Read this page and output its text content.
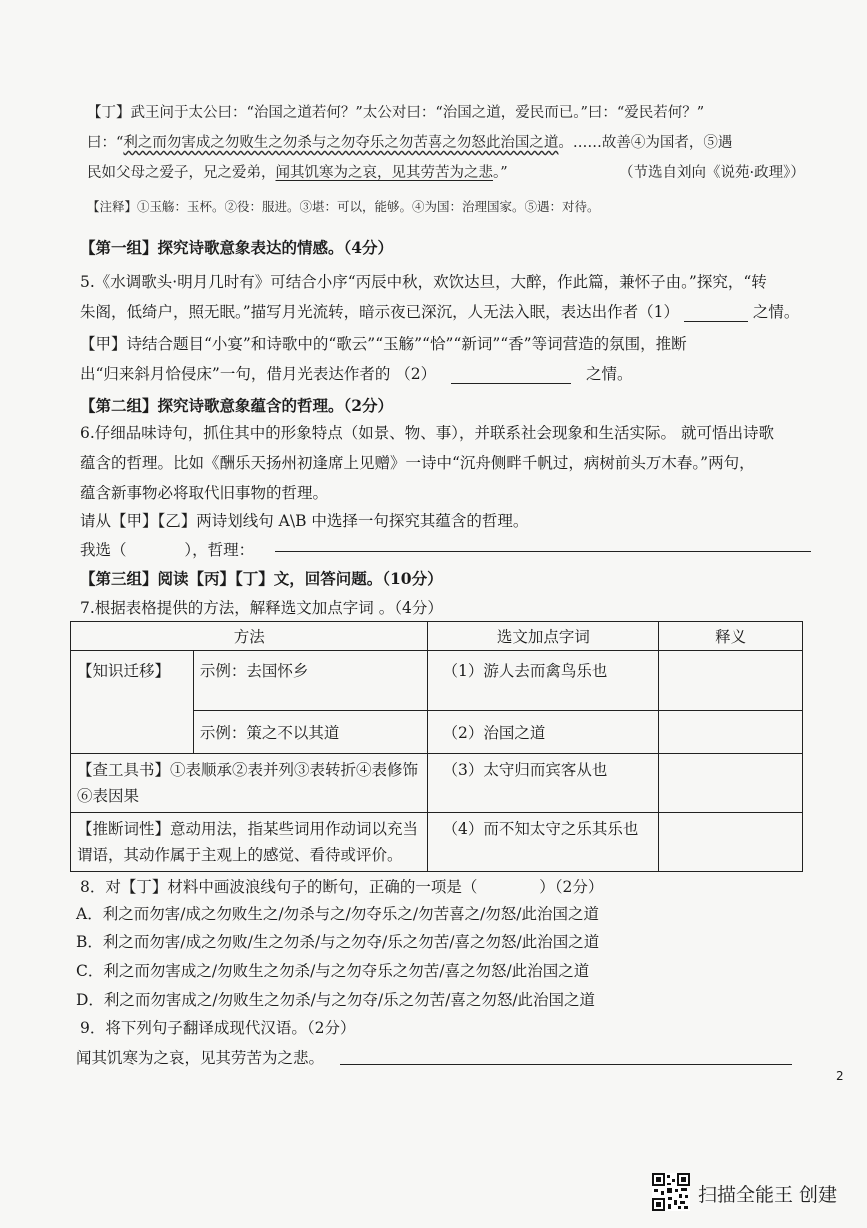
【丁】武王问于太公曰：“治国之道若何？”太公对曰：“治国之道，爱民而已。”曰：“爱民若何？”
曰：“利之而勿害成之勿败生之勿杀与之勿夺乐之勿苦喜之勿怒此治国之道。……故善④为国者，⑤遇
民如父母之爱子，兄之爱弟，闻其饥寒为之哀，见其劳苦为之悲。”	（节选自刘向《说苑·政理》）
【注释】①玉觞：玉杯。②役：服进。③堪：可以，能够。④为国：治理国家。⑤遇：对待。
【第一组】探究诗歌意象表达的情感。（4分）
5.《水调歌头·明月几时有》可结合小序“丙辰中秋，欢饮达旦，大醉，作此篇，兼怀子由。”探究，“转
朱阁，低绮户，照无眠。”描写月光流转，暗示夜已深沉，人无法入眠，表达出作者（1）	之情。
【甲】诗结合题目“小宴”和诗歌中的“歌云”“玉觞”“恰”“新词”“香”等词营造的氛围，推断
出“归来斜月恰侵床”一句，借月光表达作者的 （2）	之情。
【第二组】探究诗歌意象蕴含的哲理。（2分）
6.仔细品味诗句，抓住其中的形象特点（如景、物、事），并联系社会现象和生活实际。 就可悟出诗歌
蕴含的哲理。比如《酬乐天扬州初逢席上见赠》一诗中“沉舟侧畔千帆过，病树前头万木春。”两句，
蕴含新事物必将取代旧事物的哲理。
请从【甲】【乙】两诗划线句 A\B 中选择一句探究其蕴含的哲理。
我选（	），哲理：
【第三组】阅读【丙】【丁】文，回答问题。（10分）
7.根据表格提供的方法，解释选文加点字词 。（4分）
方法		选文加点字词	释义
【知识迁移】	示例：去国怀乡	（1）游人去而禽鸟乐也	
	示例：策之不以其道	（2）治国之道	
【查工具书】①表顺承②表并列③表转折④表修饰⑥表因果		（3）太守归而宾客从也	
【推断词性】意动用法，指某些词用作动词以充当谓语，其动作属于主观上的感觉、看待或评价。		（4）而不知太守之乐其乐也	
8．对【丁】材料中画波浪线句子的断句，正确的一项是（	）（2分）
A．利之而勿害/成之勿败生之/勿杀与之/勿夺乐之/勿苦喜之/勿怒/此治国之道
B．利之而勿害/成之勿败/生之勿杀/与之勿夺/乐之勿苦/喜之勿怒/此治国之道
C．利之而勿害成之/勿败生之勿杀/与之勿夺乐之勿苦/喜之勿怒/此治国之道
D．利之而勿害成之/勿败生之勿杀/与之勿夺/乐之勿苦/喜之勿怒/此治国之道
9．将下列句子翻译成现代汉语。（2分）
闻其饥寒为之哀，见其劳苦为之悲。
2
扫描全能王 创建
